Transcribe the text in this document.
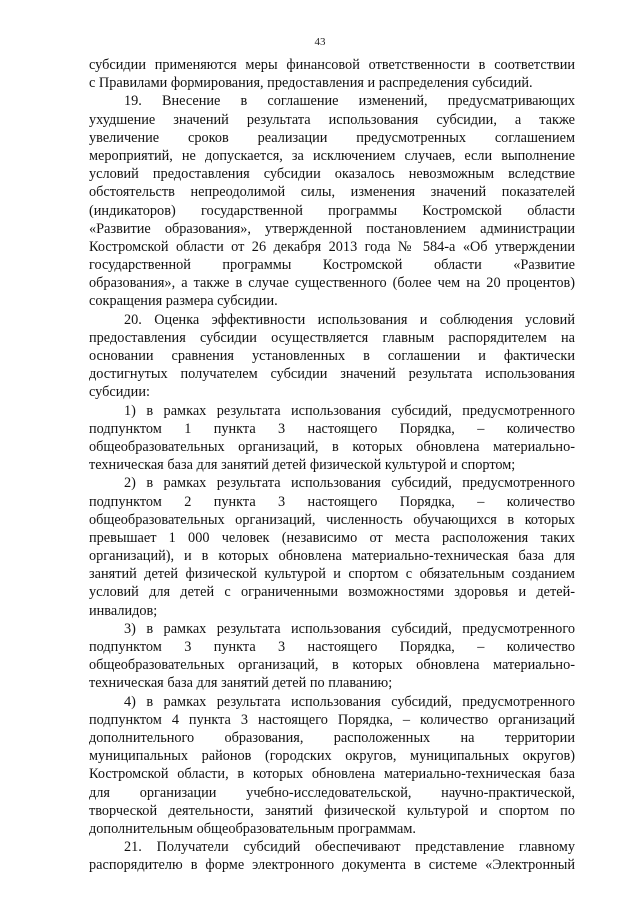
43
субсидии применяются меры финансовой ответственности в соответствии
с Правилами формирования, предоставления и распределения субсидий.
19. Внесение в соглашение изменений, предусматривающих
ухудшение значений результата использования субсидии, а также
увеличение сроков реализации предусмотренных соглашением
мероприятий, не допускается, за исключением случаев, если выполнение
условий предоставления субсидии оказалось невозможным вследствие
обстоятельств непреодолимой силы, изменения значений показателей
(индикаторов) государственной программы Костромской области
«Развитие образования», утвержденной постановлением администрации
Костромской области от 26 декабря 2013 года № 584-а «Об утверждении
государственной программы Костромской области «Развитие
образования», а также в случае существенного (более чем на 20 процентов)
сокращения размера субсидии.
20. Оценка эффективности использования и соблюдения условий
предоставления субсидии осуществляется главным распорядителем на
основании сравнения установленных в соглашении и фактически
достигнутых получателем субсидии значений результата использования
субсидии:
1) в рамках результата использования субсидий, предусмотренного
подпунктом 1 пункта 3 настоящего Порядка, – количество
общеобразовательных организаций, в которых обновлена материально-
техническая база для занятий детей физической культурой и спортом;
2) в рамках результата использования субсидий, предусмотренного
подпунктом 2 пункта 3 настоящего Порядка, – количество
общеобразовательных организаций, численность обучающихся в которых
превышает 1 000 человек (независимо от места расположения таких
организаций), и в которых обновлена материально-техническая база для
занятий детей физической культурой и спортом с обязательным созданием
условий для детей с ограниченными возможностями здоровья и детей-
инвалидов;
3) в рамках результата использования субсидий, предусмотренного
подпунктом 3 пункта 3 настоящего Порядка, – количество
общеобразовательных организаций, в которых обновлена материально-
техническая база для занятий детей по плаванию;
4) в рамках результата использования субсидий, предусмотренного
подпунктом 4 пункта 3 настоящего Порядка, – количество организаций
дополнительного образования, расположенных на территории
муниципальных районов (городских округов, муниципальных округов)
Костромской области, в которых обновлена материально-техническая база
для организации учебно-исследовательской, научно-практической,
творческой деятельности, занятий физической культурой и спортом по
дополнительным общеобразовательным программам.
21. Получатели субсидий обеспечивают представление главному
распорядителю в форме электронного документа в системе «Электронный
